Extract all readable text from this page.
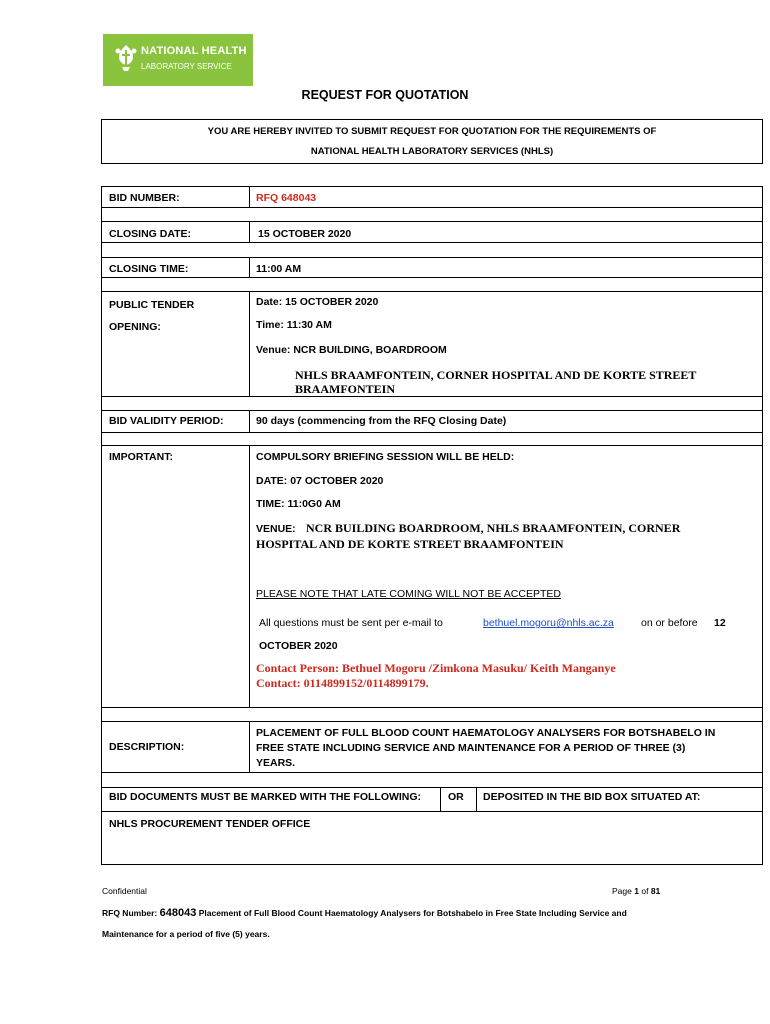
NATIONAL HEALTH
LABORATORY SERVICE
REQUEST FOR QUOTATION
YOU ARE HEREBY INVITED TO SUBMIT REQUEST FOR QUOTATION FOR THE REQUIREMENTS OF
NATIONAL HEALTH LABORATORY SERVICES (NHLS)
BID NUMBER:	RFQ 648043
CLOSING DATE:	15 OCTOBER 2020
CLOSING TIME:	11:00 AM
PUBLIC TENDER
OPENING:
Date: 15 OCTOBER 2020
Time: 11:30 AM
Venue: NCR BUILDING, BOARDROOM
NHLS BRAAMFONTEIN, CORNER HOSPITAL AND DE KORTE STREET
BRAAMFONTEIN
BID VALIDITY PERIOD:	90 days (commencing from the RFQ Closing Date)
IMPORTANT:	COMPULSORY BRIEFING SESSION WILL BE HELD:
DATE: 07 OCTOBER 2020
TIME: 11:0G0 AM
VENUE: NCR BUILDING BOARDROOM, NHLS BRAAMFONTEIN, CORNER
HOSPITAL AND DE KORTE STREET BRAAMFONTEIN
PLEASE NOTE THAT LATE COMING WILL NOT BE ACCEPTED
All questions must be sent per e-mail to	bethuel.mogoru@nhls.ac.za	on or before 12
OCTOBER 2020
Contact Person: Bethuel Mogoru /Zimkona Masuku/ Keith Manganye
Contact: 0114899152/0114899179.
DESCRIPTION:
PLACEMENT OF FULL BLOOD COUNT HAEMATOLOGY ANALYSERS FOR BOTSHABELO IN
FREE STATE INCLUDING SERVICE AND MAINTENANCE FOR A PERIOD OF THREE (3)
YEARS.
BID DOCUMENTS MUST BE MARKED WITH THE FOLLOWING:	OR DEPOSITED IN THE BID BOX SITUATED AT:
NHLS PROCUREMENT TENDER OFFICE
Confidential	Page 1 of 81
RFQ Number: 648043 Placement of Full Blood Count Haematology Analysers for Botshabelo in Free State Including Service and
Maintenance for a period of five (5) years.
